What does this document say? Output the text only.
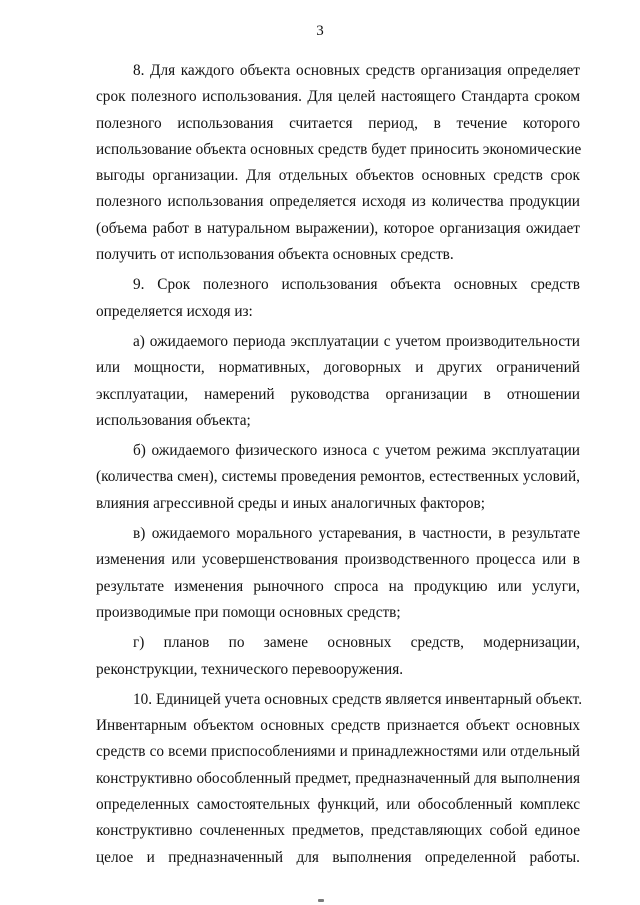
3

8. Для каждого объекта основных средств организация определяет
срок полезного использования. Для целей настоящего Стандарта сроком
полезного использования считается период, в течение которого
использование объекта основных средств будет приносить экономические
выгоды организации. Для отдельных объектов основных средств срок
полезного использования определяется исходя из количества продукции
(объема работ в натуральном выражении), которое организация ожидает
получить от использования объекта основных средств.

9. Срок полезного использования объекта основных средств
определяется исходя из:

а) ожидаемого периода эксплуатации с учетом производительности
или мощности, нормативных, договорных и других ограничений
эксплуатации, намерений руководства организации в отношении
использования объекта;

б) ожидаемого физического износа с учетом режима эксплуатации
(количества смен), системы проведения ремонтов, естественных условий,
влияния агрессивной среды и иных аналогичных факторов;

в) ожидаемого морального устаревания, в частности, в результате
изменения или усовершенствования производственного процесса или в
результате изменения рыночного спроса на продукцию или услуги,
производимые при помощи основных средств;

г) планов по замене основных средств, модернизации,
реконструкции, технического перевооружения.

10. Единицей учета основных средств является инвентарный объект.
Инвентарным объектом основных средств признается объект основных
средств со всеми приспособлениями и принадлежностями или отдельный
конструктивно обособленный предмет, предназначенный для выполнения
определенных самостоятельных функций, или обособленный комплекс
конструктивно сочлененных предметов, представляющих собой единое
целое и предназначенный для выполнения определенной работы.
